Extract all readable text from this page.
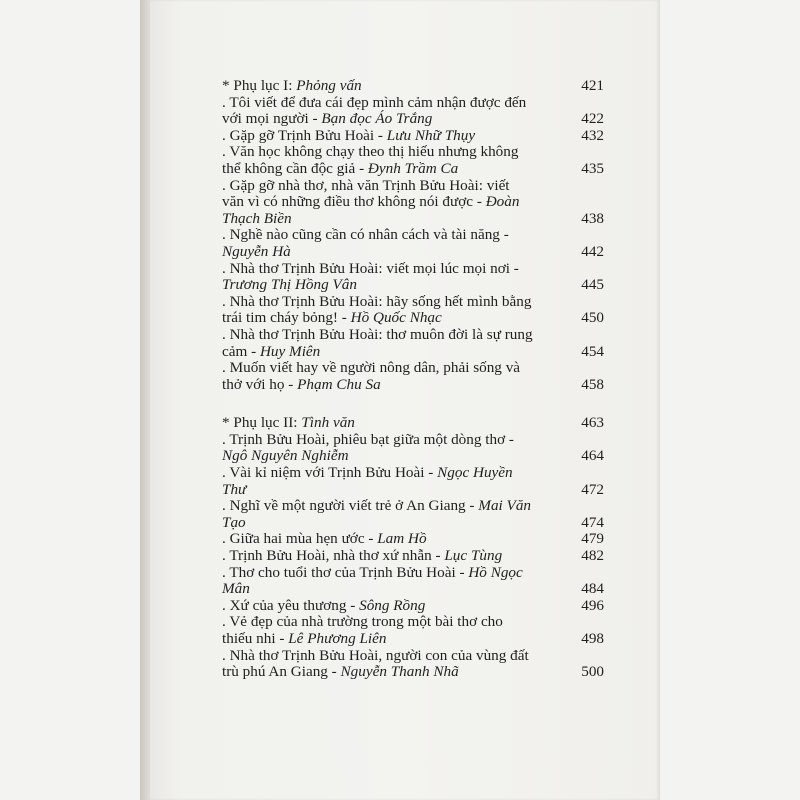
* Phụ lục I: Phỏng vấn	421
. Tôi viết để đưa cái đẹp mình cảm nhận được đến
với mọi người - Bạn đọc Áo Trắng	422
. Gặp gỡ Trịnh Bửu Hoài - Lưu Nhữ Thụy	432
. Văn học không chạy theo thị hiếu nhưng không
thể không cần độc giả - Đynh Trầm Ca	435
. Gặp gỡ nhà thơ, nhà văn Trịnh Bửu Hoài: viết
văn vì có những điều thơ không nói được - Đoàn
Thạch Biền	438
. Nghề nào cũng cần có nhân cách và tài năng -
Nguyễn Hà	442
. Nhà thơ Trịnh Bửu Hoài: viết mọi lúc mọi nơi -
Trương Thị Hồng Vân	445
. Nhà thơ Trịnh Bửu Hoài: hãy sống hết mình bằng
trái tim cháy bỏng! - Hồ Quốc Nhạc	450
. Nhà thơ Trịnh Bửu Hoài: thơ muôn đời là sự rung
cảm - Huy Miên	454
. Muốn viết hay về người nông dân, phải sống và
thở với họ - Phạm Chu Sa	458
* Phụ lục II: Tình văn	463
. Trịnh Bửu Hoài, phiêu bạt giữa một dòng thơ -
Ngô Nguyên Nghiễm	464
. Vài kỉ niệm với Trịnh Bửu Hoài - Ngọc Huyền
Thư	472
. Nghĩ về một người viết trẻ ở An Giang - Mai Văn
Tạo	474
. Giữa hai mùa hẹn ước - Lam Hồ	479
. Trịnh Bửu Hoài, nhà thơ xứ nhẫn - Lục Tùng	482
. Thơ cho tuổi thơ của Trịnh Bửu Hoài - Hồ Ngọc
Mân	484
. Xứ của yêu thương - Sông Rồng	496
. Vẻ đẹp của nhà trường trong một bài thơ cho
thiếu nhi - Lê Phương Liên	498
. Nhà thơ Trịnh Bửu Hoài, người con của vùng đất
trù phú An Giang - Nguyễn Thanh Nhã	500
